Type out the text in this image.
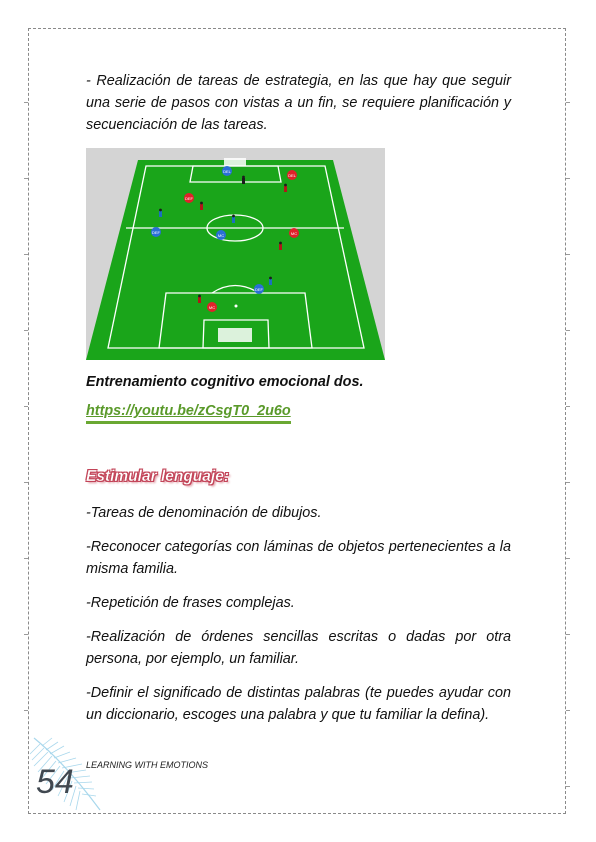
- Realización de tareas de estrategia, en las que hay que seguir una serie de pasos con vistas a un fin, se requiere planificación y secuenciación de las tareas.

DEL
DEL
DEF
DEF
MC	MC
DEF
MC

Entrenamiento cognitivo emocional dos.

https://youtu.be/zCsgT0_2u6o
Estimular lenguaje:

-Tareas de denominación de dibujos.

-Reconocer categorías con láminas de objetos pertenecientes a la misma familia.

-Repetición de frases complejas.

-Realización de órdenes sencillas escritas o dadas por otra persona, por ejemplo, un familiar.

-Definir el significado de distintas palabras (te puedes ayudar con un diccionario, escoges una palabra y que tu familiar la defina).

54 LEARNING WITH EMOTIONS
